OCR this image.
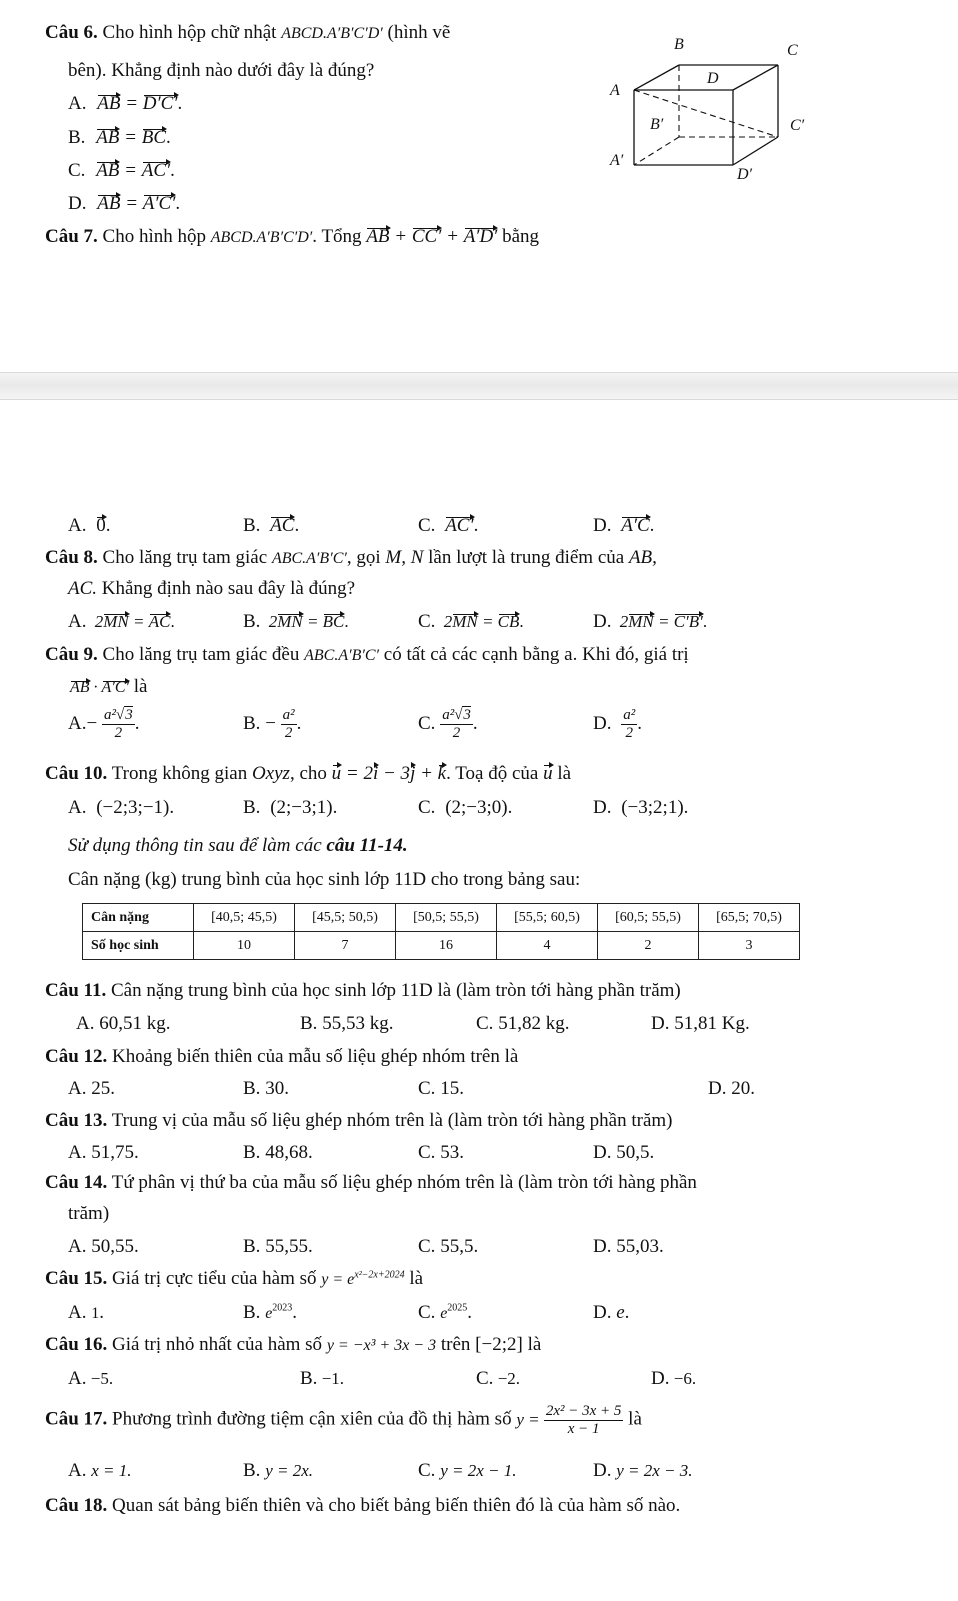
Câu 6. Cho hình hộp chữ nhật ABCD.A′B′C′D′ (hình vẽ
bên). Khẳng định nào dưới đây là đúng?
A. AB = D′C′.
B. AB = BC.
C. AB = AC′.
D. AB = A′C′.
B	C
A
D
B′	C′
A′
D′
Câu 7. Cho hình hộp ABCD.A′B′C′D′. Tổng AB + CC′ + A′D′ bằng
A. 0.	B. AC.	C. AC′.	D. A′C.
Câu 8. Cho lăng trụ tam giác ABC.A′B′C′, gọi M, N lần lượt là trung điểm của AB,
AC. Khẳng định nào sau đây là đúng?
A. 2MN = AC.	B. 2MN = BC.	C. 2MN = CB.	D. 2MN = C′B′.
Câu 9. Cho lăng trụ tam giác đều ABC.A′B′C′ có tất cả các cạnh bằng a. Khi đó, giá trị
AB · A′C′ là
$A.- \frac{\text{a²√3}}{2}$ .	B. − $\frac{\text{a²}}{2}$ .	C. $\frac{\text{a²√3}}{2}$ .	D. $\frac{\text{a²}}{2}$ .
Câu 10. Trong không gian Oxyz, cho u = 2i − 3j + k. Toạ độ của u là
A. (−2;3;−1).	B. (2;−3;1).	C. (2;−3;0).	D. (−3;2;1).
Sử dụng thông tin sau để làm các câu 11-14.
Cân nặng (kg) trung bình của học sinh lớp 11D cho trong bảng sau:
Cân nặng	[40,5; 45,5)	[45,5; 50,5)	[50,5; 55,5)	[55,5; 60,5)	[60,5; 55,5)	[65,5; 70,5)
Số học sinh	10	7	16	4	2	3
Câu 11. Cân nặng trung bình của học sinh lớp 11D là (làm tròn tới hàng phần trăm)
A. 60,51 kg.	B. 55,53 kg.	C. 51,82 kg.	D. 51,81 Kg.
Câu 12. Khoảng biến thiên của mẫu số liệu ghép nhóm trên là
A. 25.	B. 30.	C. 15.	D. 20.
Câu 13. Trung vị của mẫu số liệu ghép nhóm trên là (làm tròn tới hàng phần trăm)
A. 51,75.	B. 48,68.	C. 53.	D. 50,5.
Câu 14. Tứ phân vị thứ ba của mẫu số liệu ghép nhóm trên là (làm tròn tới hàng phần
trăm)
A. 50,55.	B. 55,55.	C. 55,5.	D. 55,03.
Câu 15. Giá trị cực tiểu của hàm số $y = e^{x^2-2x+2024}$ là
A. 1.	B. $e^{2023}$.	C. $e^{2025}$.	D. e.
Câu 16. Giá trị nhỏ nhất của hàm số y = −x³ + 3x − 3 trên [−2;2] là
A. −5.	B. −1.	C. −2.	D. −6.
Câu 17. Phương trình đường tiệm cận xiên của đồ thị hàm số $y = \frac{\text{2x² − 3x + 5}}{x - 1}$ là
A. x = 1.	B. y = 2x.	C. y = 2x − 1.	D. y = 2x − 3.
Câu 18. Quan sát bảng biến thiên và cho biết bảng biến thiên đó là của hàm số nào.
